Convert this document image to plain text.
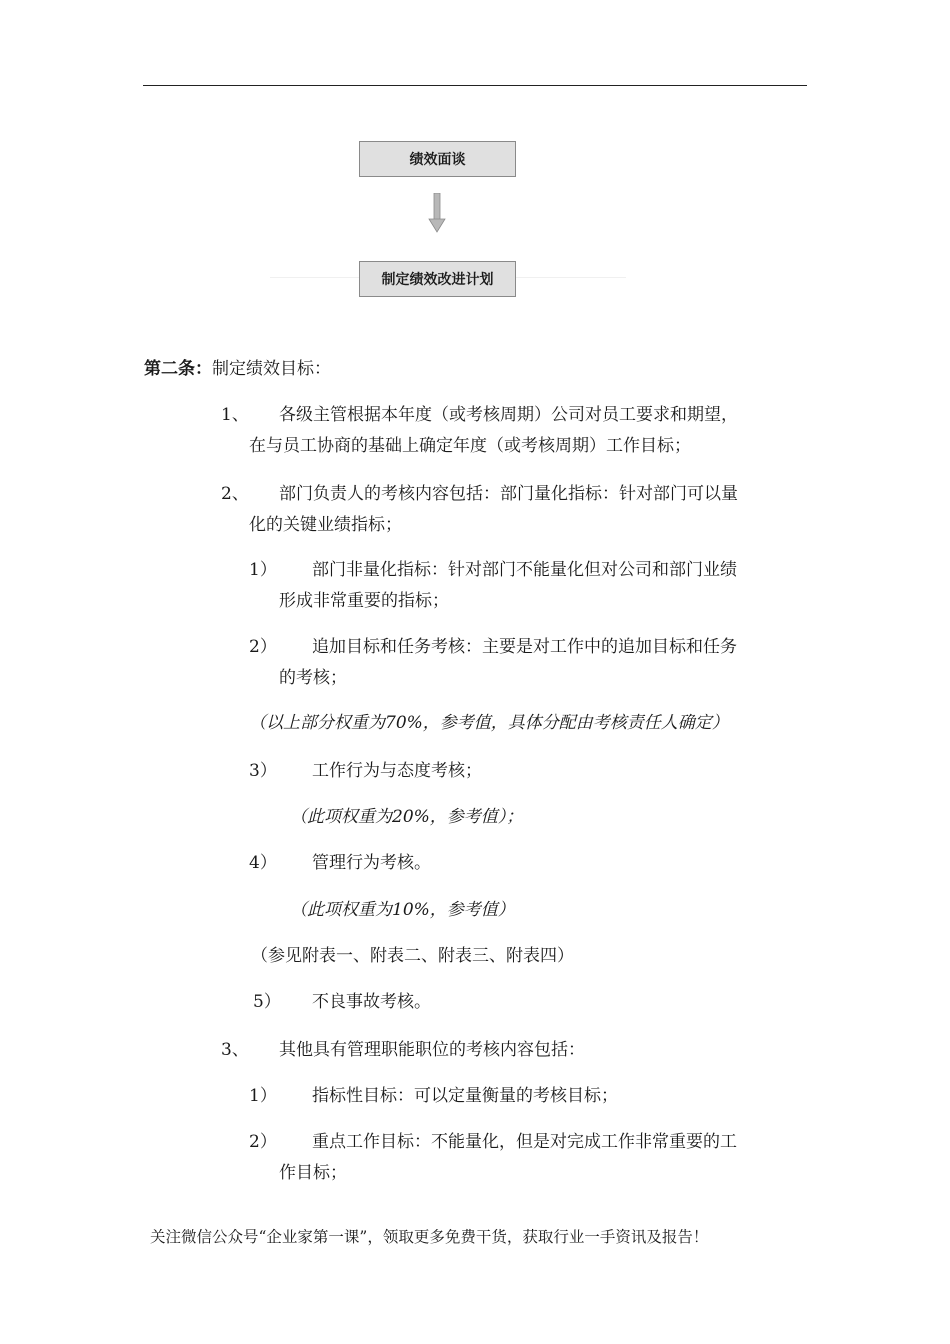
绩效面谈
制定绩效改进计划
第二条：制定绩效目标：
1、 各级主管根据本年度（或考核周期）公司对员工要求和期望，
在与员工协商的基础上确定年度（或考核周期）工作目标；
2、 部门负责人的考核内容包括：部门量化指标：针对部门可以量
化的关键业绩指标；
1） 部门非量化指标：针对部门不能量化但对公司和部门业绩
形成非常重要的指标；
2） 追加目标和任务考核：主要是对工作中的追加目标和任务
的考核；
（以上部分权重为70%，参考值，具体分配由考核责任人确定）
3） 工作行为与态度考核；
（此项权重为20%，参考值）；
4） 管理行为考核。
（此项权重为10%，参考值）
（参见附表一、附表二、附表三、附表四）
5） 不良事故考核。
3、 其他具有管理职能职位的考核内容包括：
1） 指标性目标：可以定量衡量的考核目标；
2） 重点工作目标：不能量化，但是对完成工作非常重要的工
作目标；
关注微信公众号“企业家第一课”，领取更多免费干货，获取行业一手资讯及报告！
